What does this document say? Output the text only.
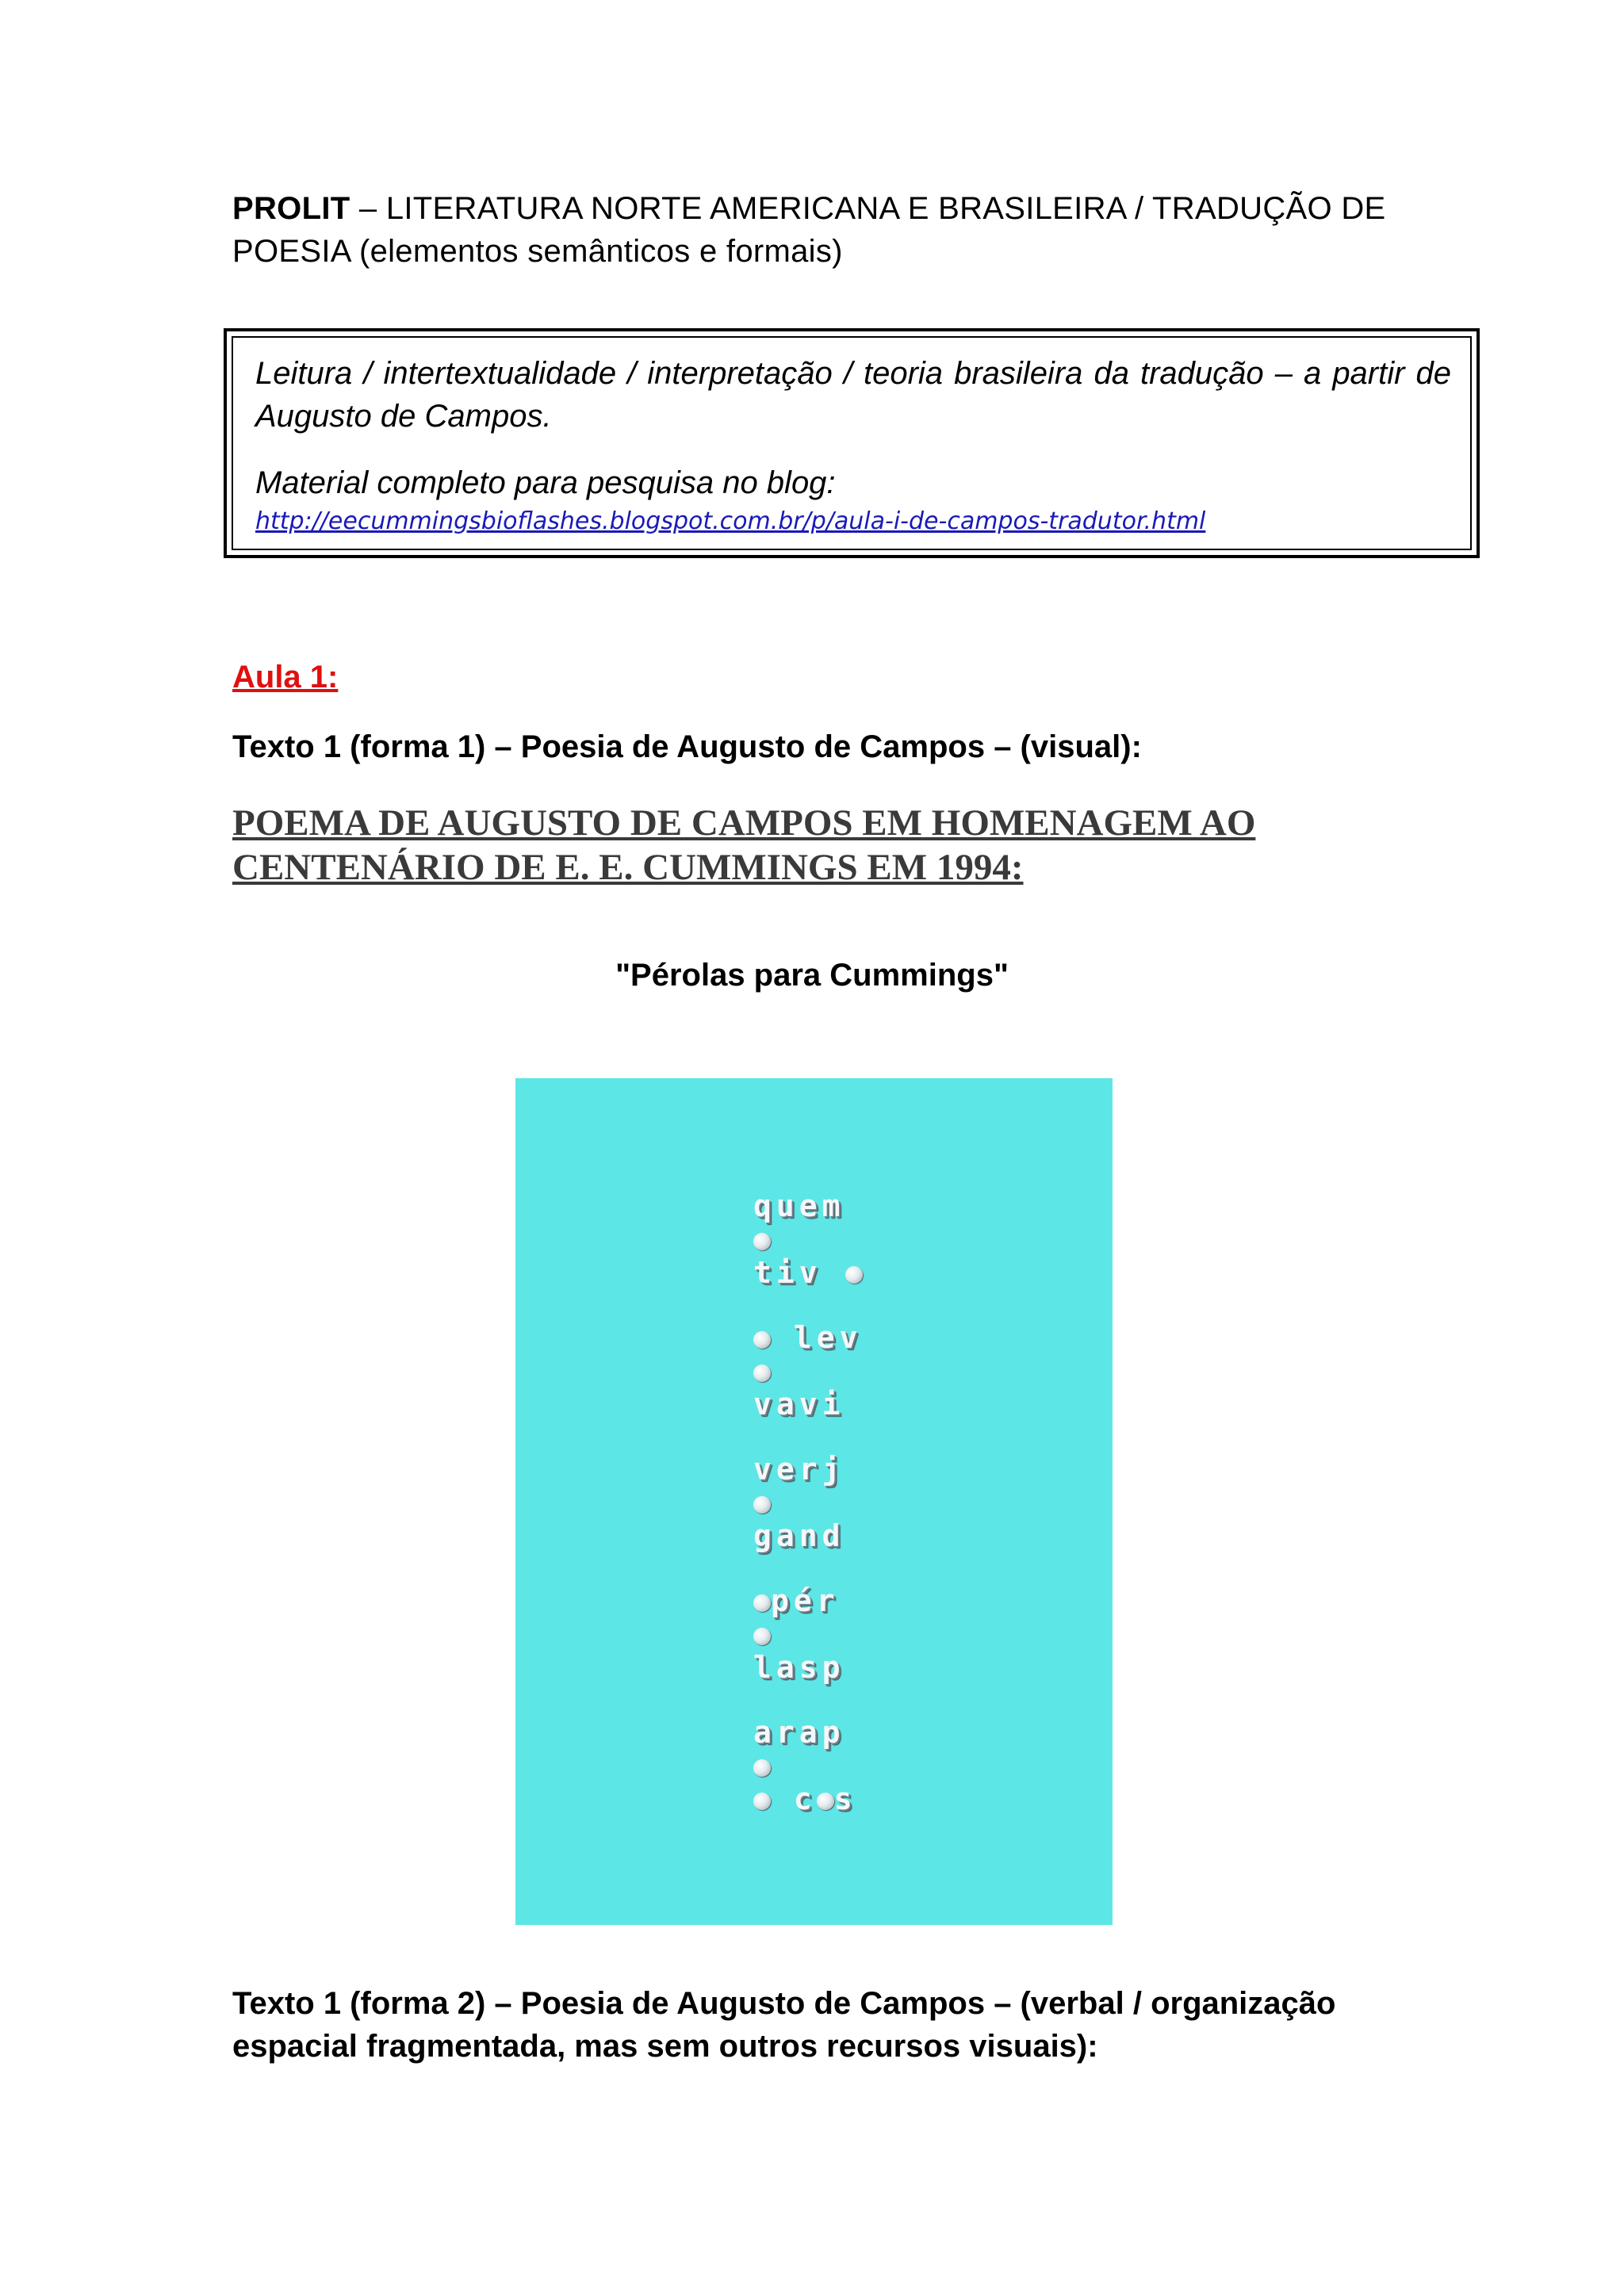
PROLIT – LITERATURA NORTE AMERICANA E BRASILEIRA / TRADUÇÃO DE POESIA (elementos semânticos e formais)

Leitura / intertextualidade / interpretação / teoria brasileira da tradução – a partir de Augusto de Campos.

Material completo para pesquisa no blog:

http://eecummingsbioflashes.blogspot.com.br/p/aula-i-de-campos-tradutor.html
Aula 1:
Texto 1 (forma 1) – Poesia de Augusto de Campos – (visual):
POEMA DE AUGUSTO DE CAMPOS EM HOMENAGEM AO CENTENÁRIO DE E. E. CUMMINGS EM 1994:
"Pérolas para Cummings"
quem
tiv
lev
vavi
verj
gand
pér
lasp
arap
c s
Texto 1 (forma 2) – Poesia de Augusto de Campos – (verbal / organização espacial fragmentada, mas sem outros recursos visuais):
